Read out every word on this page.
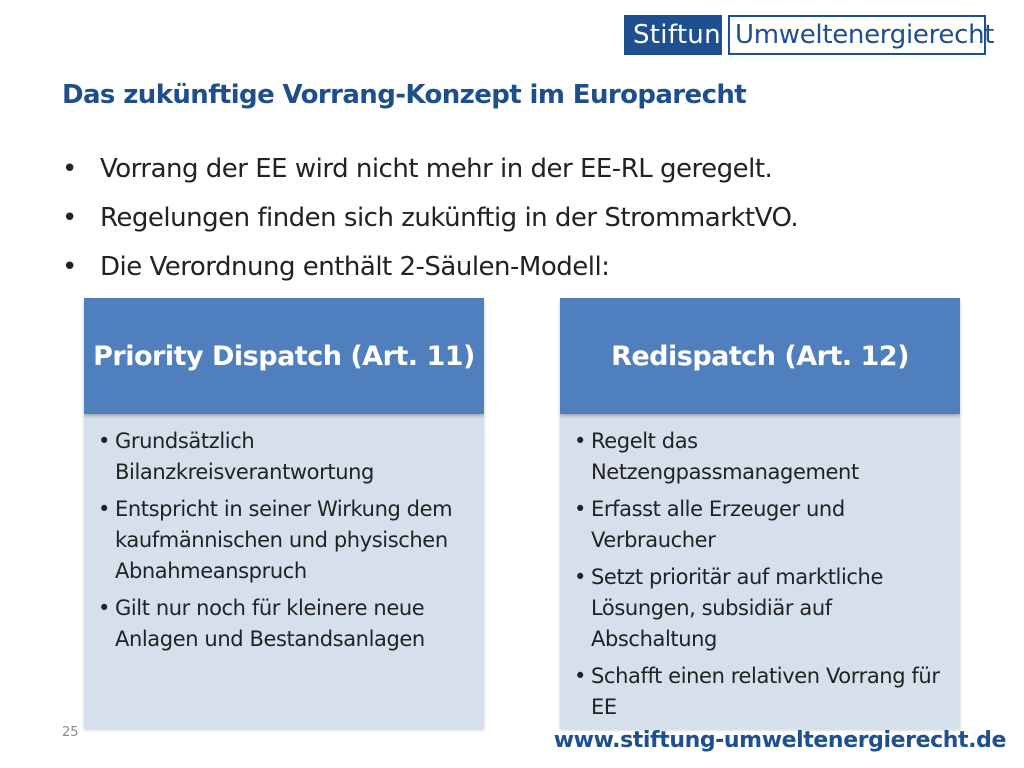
Stiftung
Umweltenergierecht
Das zukünftige Vorrang-Konzept im Europarecht
• Vorrang der EE wird nicht mehr in der EE-RL geregelt.
• Regelungen finden sich zukünftig in der StrommarktVO.
• Die Verordnung enthält 2-Säulen-Modell:
Priority Dispatch (Art. 11)
• Grundsätzlich Bilanzkreisverantwortung
• Entspricht in seiner Wirkung dem kaufmännischen und physischen Abnahmeanspruch
• Gilt nur noch für kleinere neue Anlagen und Bestandsanlagen
Redispatch (Art. 12)
• Regelt das Netzengpassmanagement
• Erfasst alle Erzeuger und Verbraucher
• Setzt prioritär auf marktliche Lösungen, subsidiär auf Abschaltung
• Schafft einen relativen Vorrang für EE
25	www.stiftung-umweltenergierecht.de
